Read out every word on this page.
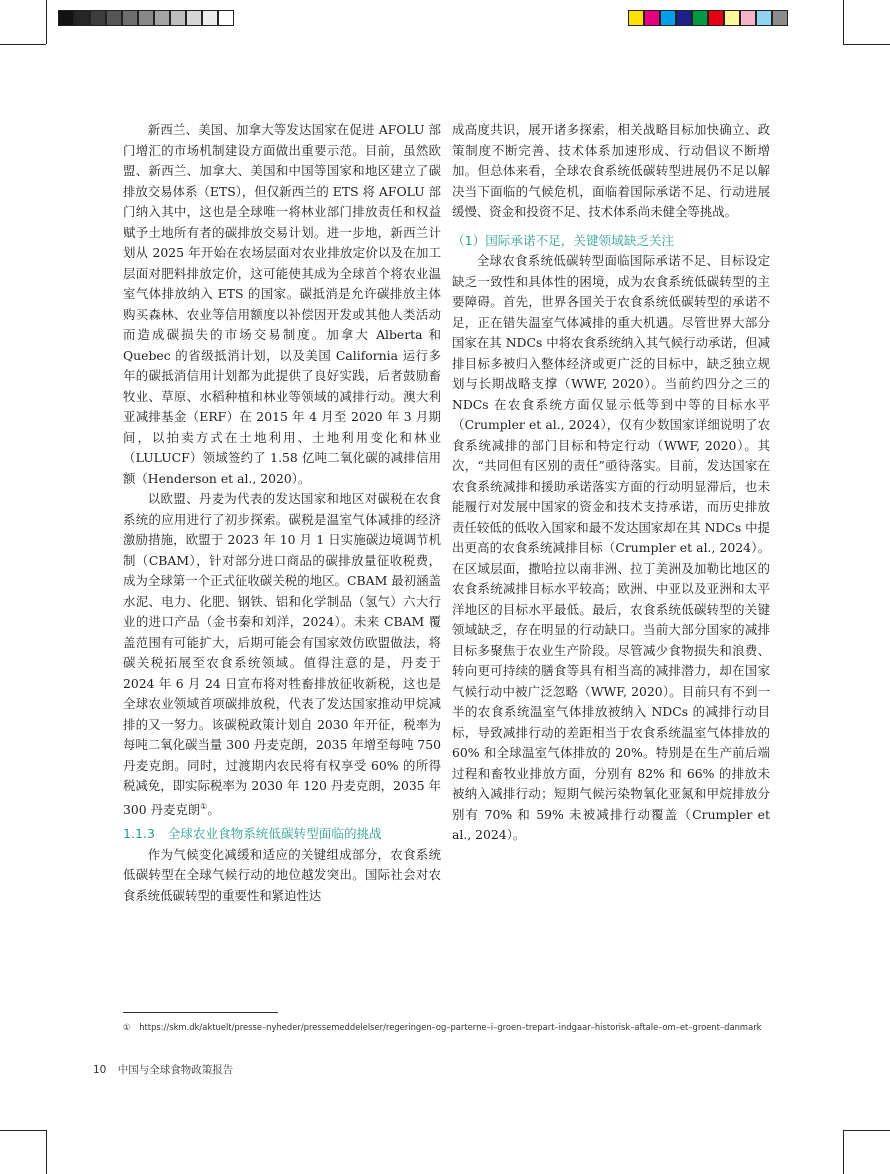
新西兰、美国、加拿大等发达国家在促进 AFOLU 部门增汇的市场机制建设方面做出重要示范。目前，虽然欧盟、新西兰、加拿大、美国和中国等国家和地区建立了碳排放交易体系（ETS），但仅新西兰的 ETS 将 AFOLU 部门纳入其中，这也是全球唯一将林业部门排放责任和权益赋予土地所有者的碳排放交易计划。进一步地，新西兰计划从 2025 年开始在农场层面对农业排放定价以及在加工层面对肥料排放定价，这可能使其成为全球首个将农业温室气体排放纳入 ETS 的国家。碳抵消是允许碳排放主体购买森林、农业等信用额度以补偿因开发或其他人类活动而造成碳损失的市场交易制度。加拿大 Alberta 和 Quebec 的省级抵消计划，以及美国 California 运行多年的碳抵消信用计划都为此提供了良好实践，后者鼓励畜牧业、草原、水稻种植和林业等领域的减排行动。澳大利亚减排基金（ERF）在 2015 年 4 月至 2020 年 3 月期间，以拍卖方式在土地利用、土地利用变化和林业（LULUCF）领域签约了 1.58 亿吨二氧化碳的减排信用额（Henderson et al., 2020）。

以欧盟、丹麦为代表的发达国家和地区对碳税在农食系统的应用进行了初步探索。碳税是温室气体减排的经济激励措施，欧盟于 2023 年 10 月 1 日实施碳边境调节机制（CBAM），针对部分进口商品的碳排放量征收税费，成为全球第一个正式征收碳关税的地区。CBAM 最初涵盖水泥、电力、化肥、钢铁、铝和化学制品（氢气）六大行业的进口产品（金书秦和刘洋，2024）。未来 CBAM 覆盖范围有可能扩大，后期可能会有国家效仿欧盟做法，将碳关税拓展至农食系统领域。值得注意的是，丹麦于 2024 年 6 月 24 日宣布将对牲畜排放征收新税，这也是全球农业领域首项碳排放税，代表了发达国家推动甲烷减排的又一努力。该碳税政策计划自 2030 年开征，税率为每吨二氧化碳当量 300 丹麦克朗，2035 年增至每吨 750 丹麦克朗。同时，过渡期内农民将有权享受 60% 的所得税减免，即实际税率为 2030 年 120 丹麦克朗，2035 年 300 丹麦克朗①。

1.1.3　全球农业食物系统低碳转型面临的挑战

作为气候变化减缓和适应的关键组成部分，农食系统低碳转型在全球气候行动的地位越发突出。国际社会对农食系统低碳转型的重要性和紧迫性达

成高度共识，展开诸多探索，相关战略目标加快确立、政策制度不断完善、技术体系加速形成、行动倡议不断增加。但总体来看，全球农食系统低碳转型进展仍不足以解决当下面临的气候危机，面临着国际承诺不足、行动进展缓慢、资金和投资不足、技术体系尚未健全等挑战。

（1）国际承诺不足，关键领域缺乏关注

全球农食系统低碳转型面临国际承诺不足、目标设定缺乏一致性和具体性的困境，成为农食系统低碳转型的主要障碍。首先，世界各国关于农食系统低碳转型的承诺不足，正在错失温室气体减排的重大机遇。尽管世界大部分国家在其 NDCs 中将农食系统纳入其气候行动承诺，但减排目标多被归入整体经济或更广泛的目标中，缺乏独立规划与长期战略支撑（WWF, 2020）。当前约四分之三的 NDCs 在农食系统方面仅显示低等到中等的目标水平（Crumpler et al., 2024），仅有少数国家详细说明了农食系统减排的部门目标和特定行动（WWF, 2020）。其次，“共同但有区别的责任”亟待落实。目前，发达国家在农食系统减排和援助承诺落实方面的行动明显滞后，也未能履行对发展中国家的资金和技术支持承诺，而历史排放责任较低的低收入国家和最不发达国家却在其 NDCs 中提出更高的农食系统减排目标（Crumpler et al., 2024）。在区域层面，撒哈拉以南非洲、拉丁美洲及加勒比地区的农食系统减排目标水平较高；欧洲、中亚以及亚洲和太平洋地区的目标水平最低。最后，农食系统低碳转型的关键领域缺乏，存在明显的行动缺口。当前大部分国家的减排目标多聚焦于农业生产阶段。尽管减少食物损失和浪费、转向更可持续的膳食等具有相当高的减排潜力，却在国家气候行动中被广泛忽略（WWF, 2020）。目前只有不到一半的农食系统温室气体排放被纳入 NDCs 的减排行动目标，导致减排行动的差距相当于农食系统温室气体排放的 60% 和全球温室气体排放的 20%。特别是在生产前后端过程和畜牧业排放方面，分别有 82% 和 66% 的排放未被纳入减排行动；短期气候污染物氧化亚氮和甲烷排放分别有 70% 和 59% 未被减排行动覆盖（Crumpler et al., 2024）。

① https://skm.dk/aktuelt/presse–nyheder/pressemeddelelser/regeringen–og–parterne–i–groen–trepart–indgaar–historisk–aftale–om–et–groent–danmark
10 中国与全球食物政策报告
